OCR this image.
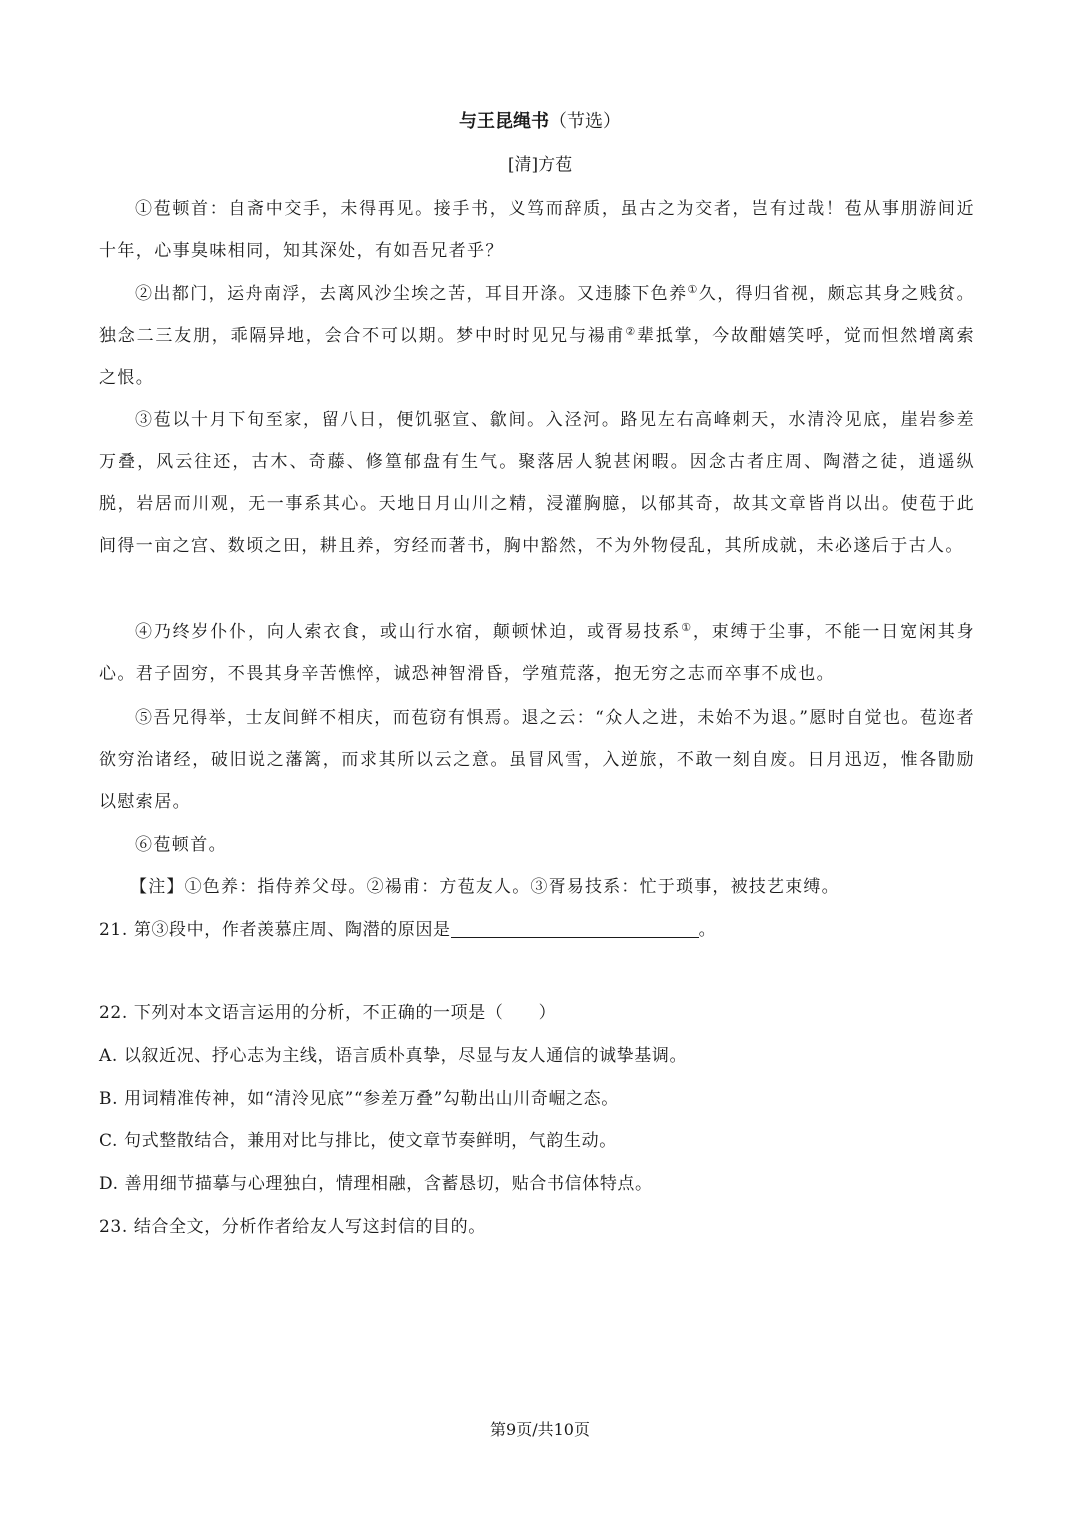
与王昆绳书（节选）
[清]方苞
①苞顿首：自斋中交手，未得再见。接手书，义笃而辞质，虽古之为交者，岂有过哉！苞从事朋游间近十年，心事臭味相同，知其深处，有如吾兄者乎？
②出都门，运舟南浮，去离风沙尘埃之苦，耳目开涤。又违膝下色养①久，得归省视，颇忘其身之贱贫。独念二三友朋，乖隔异地，会合不可以期。梦中时时见兄与禓甫②辈抵掌，今故酣嬉笑呼，觉而怛然增离索之恨。
③苞以十月下旬至家，留八日，便饥驱宣、歙间。入泾河。路见左右高峰刺天，水清泠见底，崖岩参差万叠，风云往还，古木、奇藤、修篁郁盘有生气。聚落居人貌甚闲暇。因念古者庄周、陶潜之徒，逍遥纵脱，岩居而川观，无一事系其心。天地日月山川之精，浸灌胸臆，以郁其奇，故其文章皆肖以出。使苞于此间得一亩之宫、数顷之田，耕且养，穷经而著书，胸中豁然，不为外物侵乱，其所成就，未必遂后于古人。
④乃终岁仆仆，向人索衣食，或山行水宿，颠顿怵迫，或胥易技系①，束缚于尘事，不能一日宽闲其身心。君子固穷，不畏其身辛苦憔悴，诚恐神智滑昏，学殖荒落，抱无穷之志而卒事不成也。
⑤吾兄得举，士友间鲜不相庆，而苞窃有惧焉。退之云：“众人之进，未始不为退。”愿时自觉也。苞迩者欲穷治诸经，破旧说之藩篱，而求其所以云之意。虽冒风雪，入逆旅，不敢一刻自废。日月迅迈，惟各勖励以慰索居。
⑥苞顿首。
【注】①色养：指侍养父母。②禓甫：方苞友人。③胥易技系：忙于琐事，被技艺束缚。
21. 第③段中，作者羡慕庄周、陶潜的原因是	。
22. 下列对本文语言运用的分析，不正确的一项是（　　）
A. 以叙近况、抒心志为主线，语言质朴真挚，尽显与友人通信的诚挚基调。
B. 用词精准传神，如“清泠见底”“参差万叠”勾勒出山川奇崛之态。
C. 句式整散结合，兼用对比与排比，使文章节奏鲜明，气韵生动。
D. 善用细节描摹与心理独白，情理相融，含蓄恳切，贴合书信体特点。
23. 结合全文，分析作者给友人写这封信的目的。
第9页/共10页
